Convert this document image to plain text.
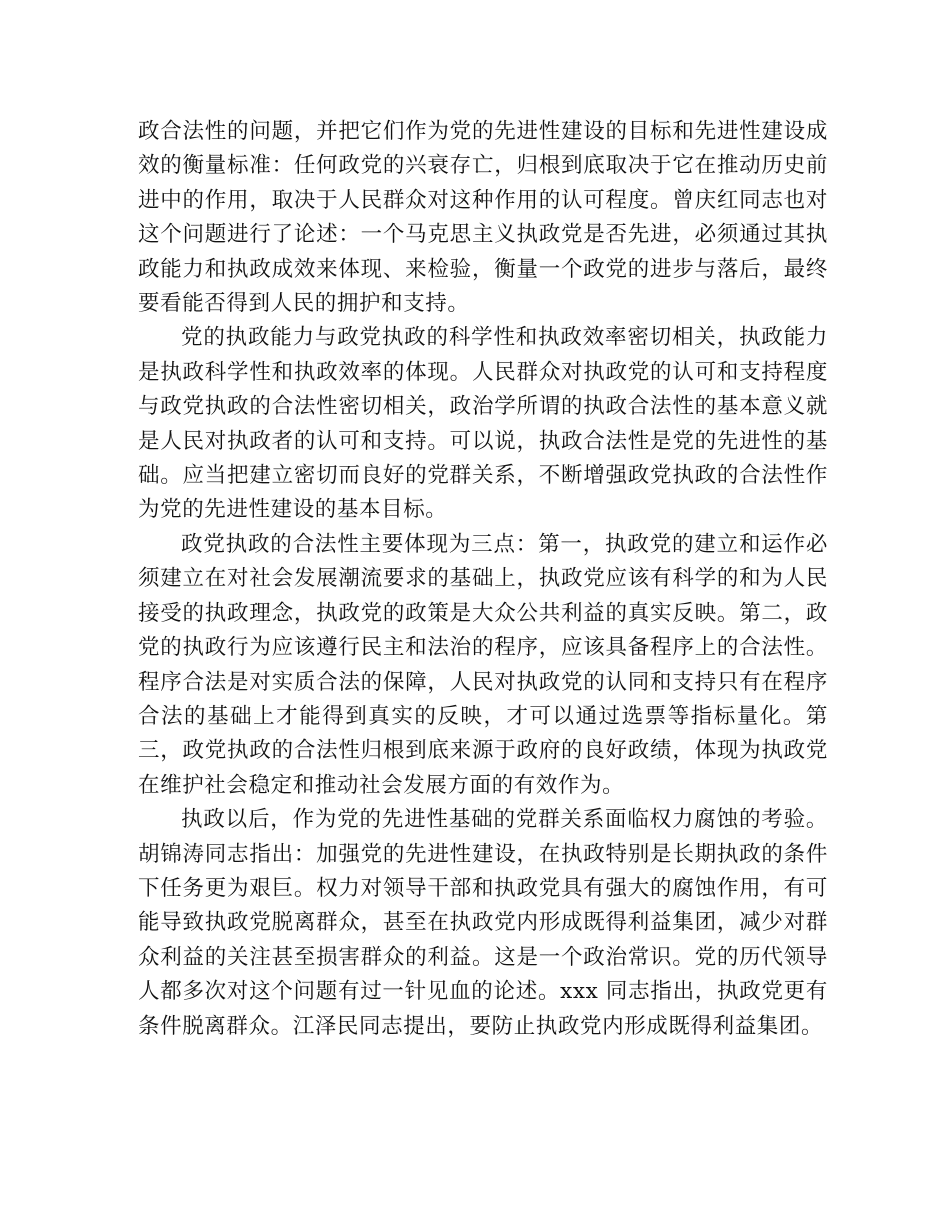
政合法性的问题，并把它们作为党的先进性建设的目标和先进性建设成效的衡量标准：任何政党的兴衰存亡，归根到底取决于它在推动历史前进中的作用，取决于人民群众对这种作用的认可程度。曾庆红同志也对这个问题进行了论述：一个马克思主义执政党是否先进，必须通过其执政能力和执政成效来体现、来检验，衡量一个政党的进步与落后，最终要看能否得到人民的拥护和支持。

党的执政能力与政党执政的科学性和执政效率密切相关，执政能力是执政科学性和执政效率的体现。人民群众对执政党的认可和支持程度与政党执政的合法性密切相关，政治学所谓的执政合法性的基本意义就是人民对执政者的认可和支持。可以说，执政合法性是党的先进性的基础。应当把建立密切而良好的党群关系，不断增强政党执政的合法性作为党的先进性建设的基本目标。

政党执政的合法性主要体现为三点：第一，执政党的建立和运作必须建立在对社会发展潮流要求的基础上，执政党应该有科学的和为人民接受的执政理念，执政党的政策是大众公共利益的真实反映。第二，政党的执政行为应该遵行民主和法治的程序，应该具备程序上的合法性。程序合法是对实质合法的保障，人民对执政党的认同和支持只有在程序合法的基础上才能得到真实的反映，才可以通过选票等指标量化。第三，政党执政的合法性归根到底来源于政府的良好政绩，体现为执政党在维护社会稳定和推动社会发展方面的有效作为。

执政以后，作为党的先进性基础的党群关系面临权力腐蚀的考验。胡锦涛同志指出：加强党的先进性建设，在执政特别是长期执政的条件下任务更为艰巨。权力对领导干部和执政党具有强大的腐蚀作用，有可能导致执政党脱离群众，甚至在执政党内形成既得利益集团，减少对群众利益的关注甚至损害群众的利益。这是一个政治常识。党的历代领导人都多次对这个问题有过一针见血的论述。xxx 同志指出，执政党更有条件脱离群众。江泽民同志提出，要防止执政党内形成既得利益集团。
